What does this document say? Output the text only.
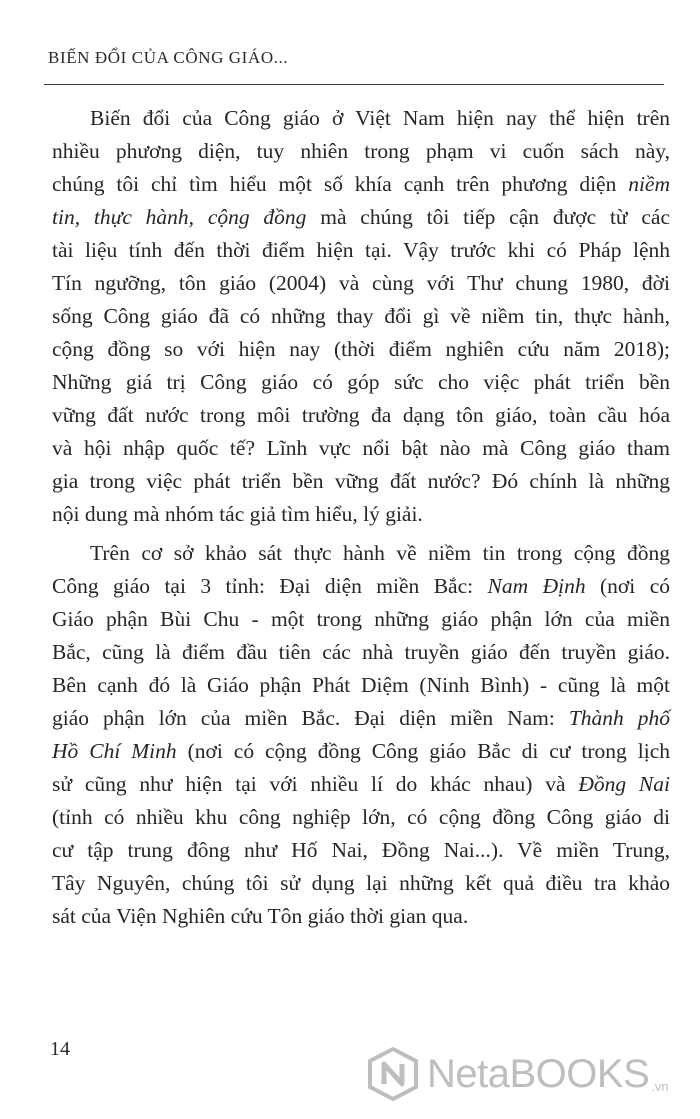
BIẾN ĐỔI CỦA CÔNG GIÁO...

Biến đổi của Công giáo ở Việt Nam hiện nay thể hiện trên
nhiều phương diện, tuy nhiên trong phạm vi cuốn sách này,
chúng tôi chỉ tìm hiểu một số khía cạnh trên phương diện niềm
tin, thực hành, cộng đồng mà chúng tôi tiếp cận được từ các
tài liệu tính đến thời điểm hiện tại. Vậy trước khi có Pháp lệnh
Tín ngưỡng, tôn giáo (2004) và cùng với Thư chung 1980, đời
sống Công giáo đã có những thay đổi gì về niềm tin, thực hành,
cộng đồng so với hiện nay (thời điểm nghiên cứu năm 2018);
Những giá trị Công giáo có góp sức cho việc phát triển bền
vững đất nước trong môi trường đa dạng tôn giáo, toàn cầu hóa
và hội nhập quốc tế? Lĩnh vực nổi bật nào mà Công giáo tham
gia trong việc phát triển bền vững đất nước? Đó chính là những
nội dung mà nhóm tác giả tìm hiểu, lý giải.

Trên cơ sở khảo sát thực hành về niềm tin trong cộng đồng
Công giáo tại 3 tỉnh: Đại diện miền Bắc: Nam Định (nơi có
Giáo phận Bùi Chu - một trong những giáo phận lớn của miền
Bắc, cũng là điểm đầu tiên các nhà truyền giáo đến truyền giáo.
Bên cạnh đó là Giáo phận Phát Diệm (Ninh Bình) - cũng là một
giáo phận lớn của miền Bắc. Đại diện miền Nam: Thành phố
Hồ Chí Minh (nơi có cộng đồng Công giáo Bắc di cư trong lịch
sử cũng như hiện tại với nhiều lí do khác nhau) và Đồng Nai
(tỉnh có nhiều khu công nghiệp lớn, có cộng đồng Công giáo di
cư tập trung đông như Hố Nai, Đồng Nai...). Về miền Trung,
Tây Nguyên, chúng tôi sử dụng lại những kết quả điều tra khảo
sát của Viện Nghiên cứu Tôn giáo thời gian qua.

14
NetaBOOKS .vn
